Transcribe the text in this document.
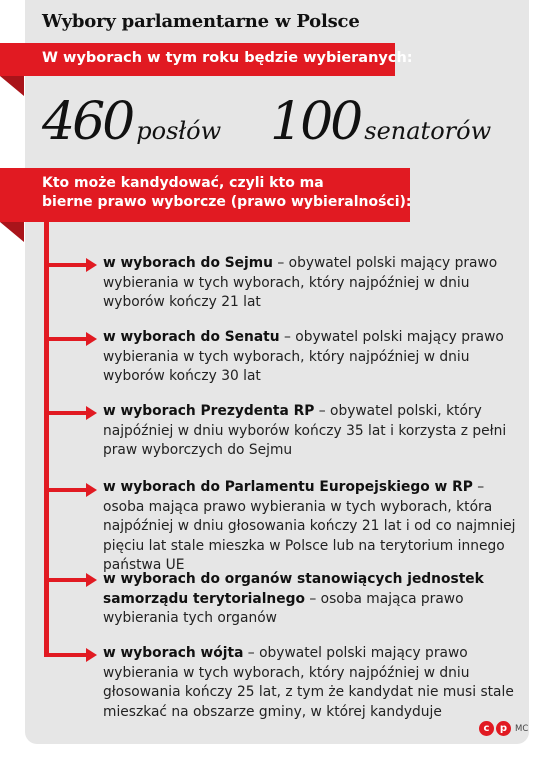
Wybory parlamentarne w Polsce
W wyborach w tym roku będzie wybieranych:
460 posłów 100 senatorów
Kto może kandydować, czyli kto ma
bierne prawo wyborcze (prawo wybieralności):
w wyborach do Sejmu – obywatel polski mający prawo wybierania w tych wyborach, który najpóźniej w dniu wyborów kończy 21 lat
w wyborach do Senatu – obywatel polski mający prawo wybierania w tych wyborach, który najpóźniej w dniu wyborów kończy 30 lat
w wyborach Prezydenta RP – obywatel polski, który najpóźniej w dniu wyborów kończy 35 lat i korzysta z pełni praw wyborczych do Sejmu
w wyborach do Parlamentu Europejskiego w RP – osoba mająca prawo wybierania w tych wyborach, która najpóźniej w dniu głosowania kończy 21 lat i od co najmniej pięciu lat stale mieszka w Polsce lub na terytorium innego państwa UE
w wyborach do organów stanowiących jednostek samorządu terytorialnego – osoba mająca prawo wybierania tych organów
w wyborach wójta – obywatel polski mający prawo wybierania w tych wyborach, który najpóźniej w dniu głosowania kończy 25 lat, z tym że kandydat nie musi stale mieszkać na obszarze gminy, w której kandyduje
c	p MC
